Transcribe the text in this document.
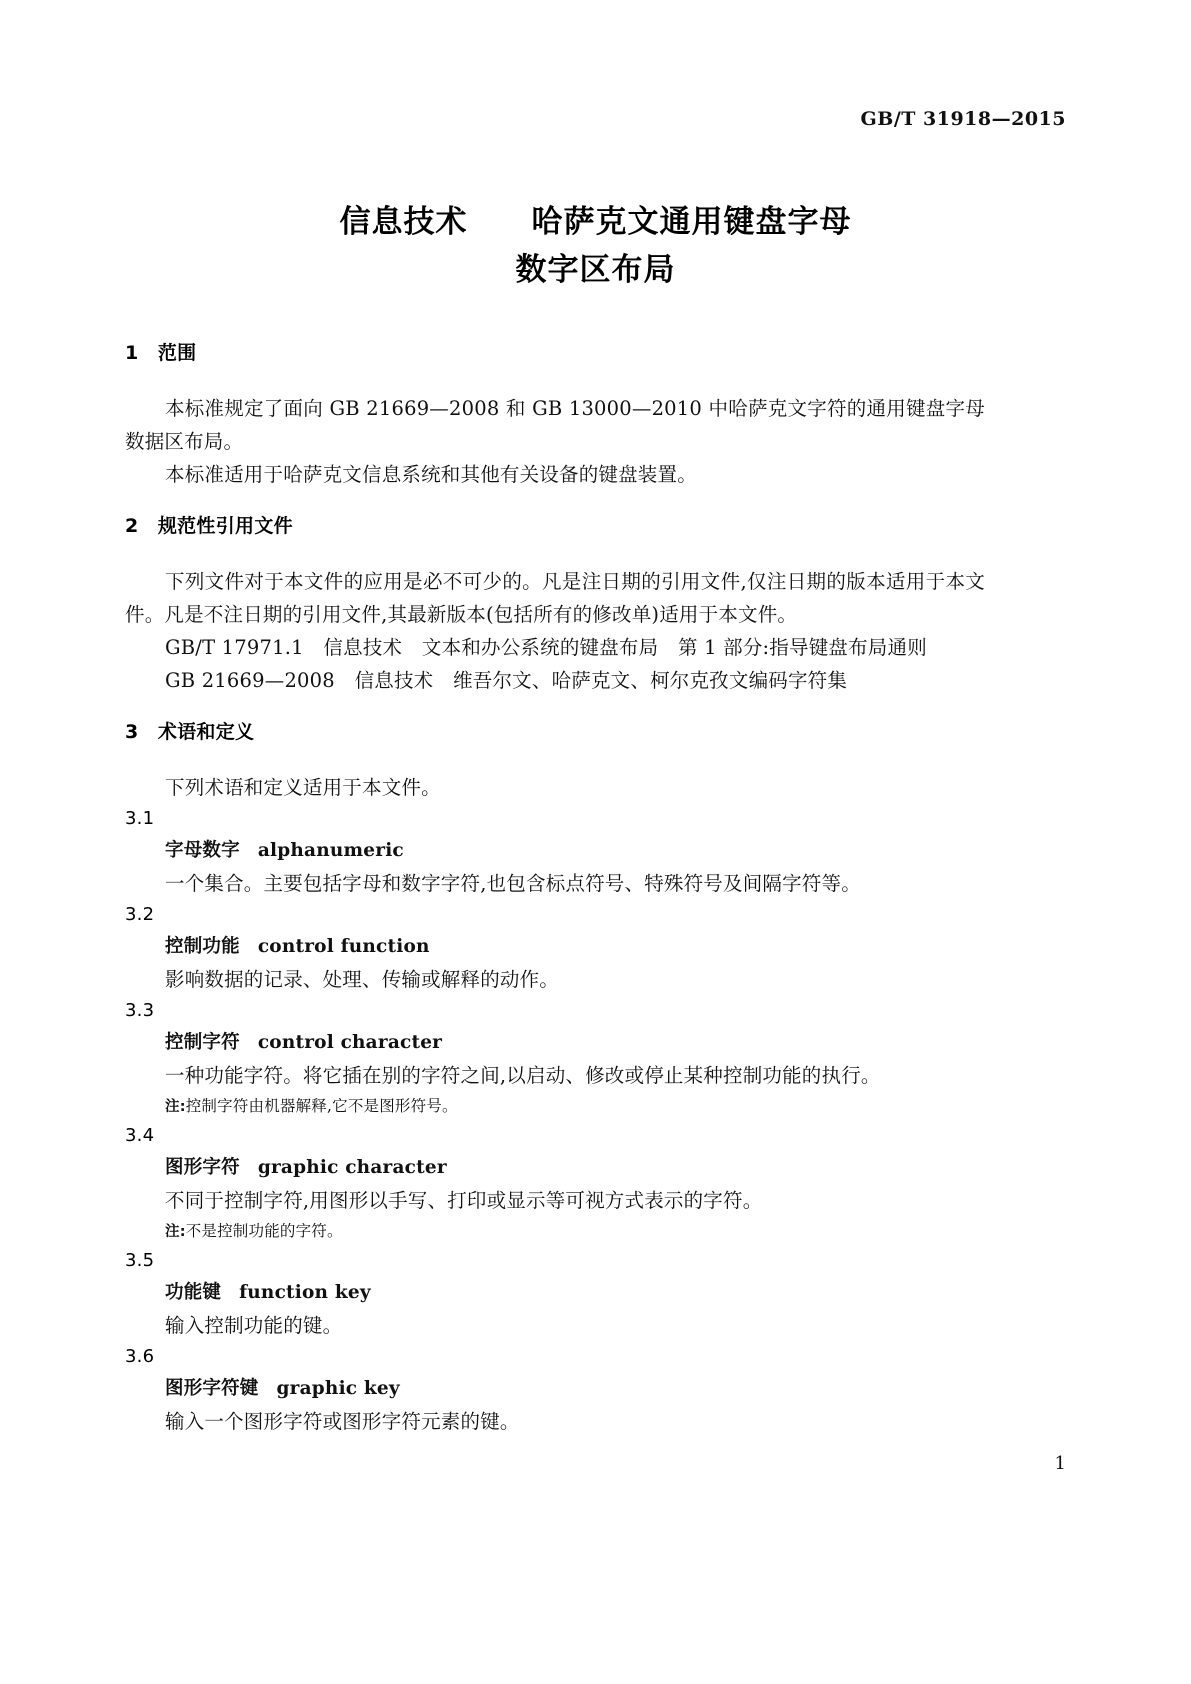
GB/T 31918—2015
信息技术　　哈萨克文通用键盘字母
数字区布局
1　范围

本标准规定了面向 GB 21669—2008 和 GB 13000—2010 中哈萨克文字符的通用键盘字母数据区布局。

本标准适用于哈萨克文信息系统和其他有关设备的键盘装置。

2　规范性引用文件

下列文件对于本文件的应用是必不可少的。凡是注日期的引用文件,仅注日期的版本适用于本文件。凡是不注日期的引用文件,其最新版本(包括所有的修改单)适用于本文件。

GB/T 17971.1　信息技术　文本和办公系统的键盘布局　第 1 部分:指导键盘布局通则

GB 21669—2008　信息技术　维吾尔文、哈萨克文、柯尔克孜文编码字符集

3　术语和定义

下列术语和定义适用于本文件。

3.1

字母数字 alphanumeric

一个集合。主要包括字母和数字字符,也包含标点符号、特殊符号及间隔字符等。

3.2

控制功能 control function

影响数据的记录、处理、传输或解释的动作。

3.3

控制字符 control character

一种功能字符。将它插在别的字符之间,以启动、修改或停止某种控制功能的执行。

注:控制字符由机器解释,它不是图形符号。

3.4

图形字符 graphic character

不同于控制字符,用图形以手写、打印或显示等可视方式表示的字符。

注:不是控制功能的字符。

3.5

功能键 function key

输入控制功能的键。

3.6

图形字符键 graphic key

输入一个图形字符或图形字符元素的键。

1
